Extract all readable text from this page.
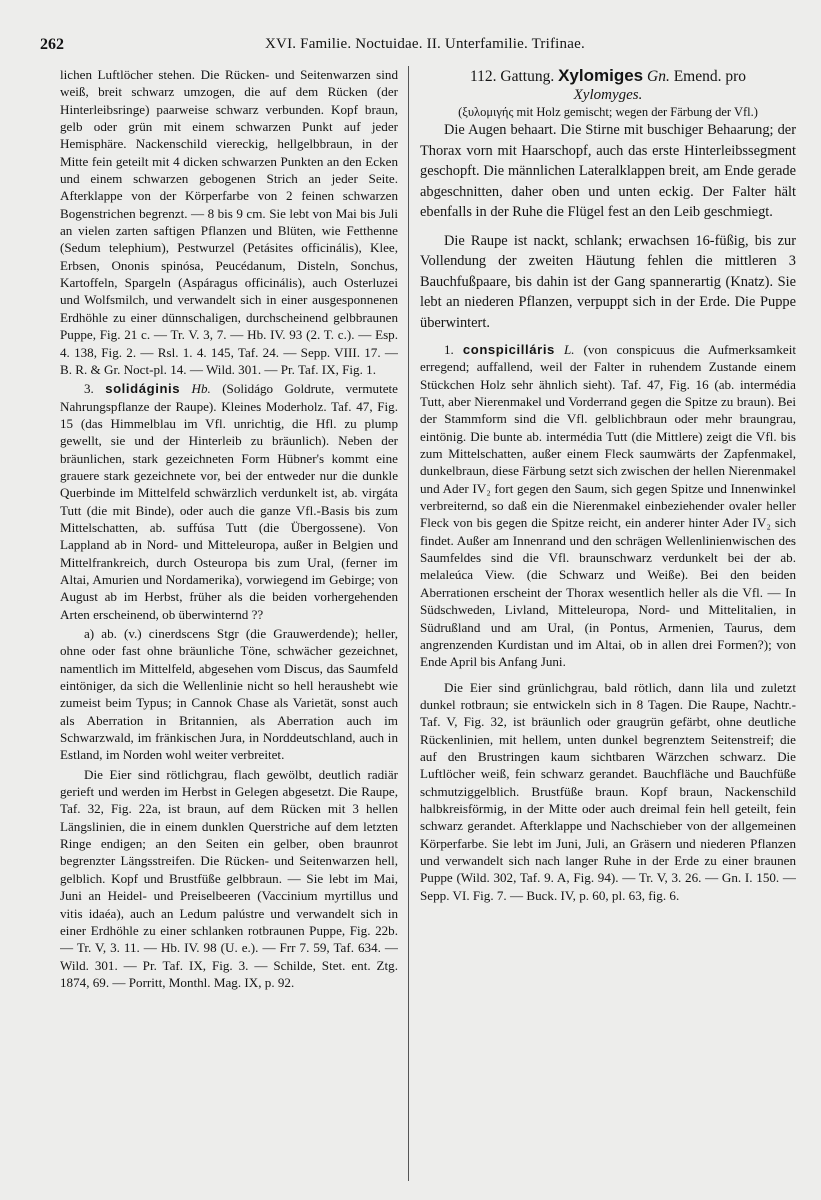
262	XVI. Familie. Noctuidae. II. Unterfamilie. Trifinae.

lichen Luftlöcher stehen. Die Rücken- und Seitenwarzen sind weiß, breit schwarz umzogen, die auf dem Rücken (der Hinterleibsringe) paarweise schwarz verbunden. Kopf braun, gelb oder grün mit einem schwarzen Punkt auf jeder Hemisphäre. Nackenschild viereckig, hellgelbbraun, in der Mitte fein geteilt mit 4 dicken schwarzen Punkten an den Ecken und einem schwarzen gebogenen Strich an jeder Seite. Afterklappe von der Körperfarbe von 2 feinen schwarzen Bogenstrichen begrenzt. — 8 bis 9 cm. Sie lebt von Mai bis Juli an vielen zarten saftigen Pflanzen und Blüten, wie Fetthenne (Sedum telephium), Pestwurzel (Petásites officinális), Klee, Erbsen, Ononis spinósa, Peucédanum, Disteln, Sonchus, Kartoffeln, Spargeln (Aspáragus officinális), auch Osterluzei und Wolfsmilch, und verwandelt sich in einer ausgesponnenen Erdhöhle zu einer dünnschaligen, durchscheinend gelbbraunen Puppe, Fig. 21 c. — Tr. V. 3, 7. — Hb. IV. 93 (2. T. c.). — Esp. 4. 138, Fig. 2. — Rsl. 1. 4. 145, Taf. 24. — Sepp. VIII. 17. — B. R. & Gr. Noct-pl. 14. — Wild. 301. — Pr. Taf. IX, Fig. 1.

3. solidáginis Hb. (Solidágo Goldrute, vermutete Nahrungspflanze der Raupe). Kleines Moderholz. Taf. 47, Fig. 15 (das Himmelblau im Vfl. unrichtig, die Hfl. zu plump gewellt, sie und der Hinterleib zu bräunlich). Neben der bräunlichen, stark gezeichneten Form Hübner's kommt eine grauere stark gezeichnete vor, bei der entweder nur die dunkle Querbinde im Mittelfeld schwärzlich verdunkelt ist, ab. virgáta Tutt (die mit Binde), oder auch die ganze Vfl.-Basis bis zum Mittelschatten, ab. suffúsa Tutt (die Übergossene). Von Lappland ab in Nord- und Mitteleuropa, außer in Belgien und Mittelfrankreich, durch Osteuropa bis zum Ural, (ferner im Altai, Amurien und Nordamerika), vorwiegend im Gebirge; von August ab im Herbst, früher als die beiden vorhergehenden Arten erscheinend, ob überwinternd ??

a) ab. (v.) cinerdscens Stgr (die Grauwerdende); heller, ohne oder fast ohne bräunliche Töne, schwächer gezeichnet, namentlich im Mittelfeld, abgesehen vom Discus, das Saumfeld eintöniger, da sich die Wellenlinie nicht so hell heraushebt wie zumeist beim Typus; in Cannok Chase als Varietät, sonst auch als Aberration in Britannien, als Aberration auch im Schwarzwald, im fränkischen Jura, in Norddeutschland, auch in Estland, im Norden wohl weiter verbreitet.

Die Eier sind rötlichgrau, flach gewölbt, deutlich radiär gerieft und werden im Herbst in Gelegen abgesetzt. Die Raupe, Taf. 32, Fig. 22a, ist braun, auf dem Rücken mit 3 hellen Längslinien, die in einem dunklen Querstriche auf dem letzten Ringe endigen; an den Seiten ein gelber, oben braunrot begrenzter Längsstreifen. Die Rücken- und Seitenwarzen hell, gelblich. Kopf und Brustfüße gelbbraun. — Sie lebt im Mai, Juni an Heidel- und Preiselbeeren (Vaccinium myrtillus und vitis idaéa), auch an Ledum palústre und verwandelt sich in einer Erdhöhle zu einer schlanken rotbraunen Puppe, Fig. 22b. — Tr. V, 3. 11. — Hb. IV. 98 (U. e.). — Frr 7. 59, Taf. 634. — Wild. 301. — Pr. Taf. IX, Fig. 3. — Schilde, Stet. ent. Ztg. 1874, 69. — Porritt, Monthl. Mag. IX, p. 92.

112. Gattung. Xylomiges Gn. Emend. pro

Xylomyges.

(ξυλομιγής mit Holz gemischt; wegen der Färbung der Vfl.)

Die Augen behaart. Die Stirne mit buschiger Behaarung; der Thorax vorn mit Haarschopf, auch das erste Hinterleibssegment geschopft. Die männlichen Lateralklappen breit, am Ende gerade abgeschnitten, daher oben und unten eckig. Der Falter hält ebenfalls in der Ruhe die Flügel fest an den Leib geschmiegt.

Die Raupe ist nackt, schlank; erwachsen 16-füßig, bis zur Vollendung der zweiten Häutung fehlen die mittleren 3 Bauchfußpaare, bis dahin ist der Gang spannerartig (Knatz). Sie lebt an niederen Pflanzen, verpuppt sich in der Erde. Die Puppe überwintert.

1. conspicilláris L. (von conspicuus die Aufmerksamkeit erregend; auffallend, weil der Falter in ruhendem Zustande einem Stückchen Holz sehr ähnlich sieht). Taf. 47, Fig. 16 (ab. intermédia Tutt, aber Nierenmakel und Vorderrand gegen die Spitze zu braun). Bei der Stammform sind die Vfl. gelblichbraun oder mehr braungrau, eintönig. Die bunte ab. intermédia Tutt (die Mittlere) zeigt die Vfl. bis zum Mittelschatten, außer einem Fleck saumwärts der Zapfenmakel, dunkelbraun, diese Färbung setzt sich zwischen der hellen Nierenmakel und Ader IV₂ fort gegen den Saum, sich gegen Spitze und Innenwinkel verbreiternd, so daß ein die Nierenmakel einbeziehender ovaler heller Fleck von bis gegen die Spitze reicht, ein anderer hinter Ader IV₂ sich findet. Außer am Innenrand und den schrägen Wellenlinienwischen des Saumfeldes sind die Vfl. braunschwarz verdunkelt bei der ab. melaleúca View. (die Schwarz und Weiße). Bei den beiden Aberrationen erscheint der Thorax wesentlich heller als die Vfl. — In Südschweden, Livland, Mitteleuropa, Nord- und Mittelitalien, in Südrußland und am Ural, (in Pontus, Armenien, Taurus, dem angrenzenden Kurdistan und im Altai, ob in allen drei Formen?); von Ende April bis Anfang Juni.

Die Eier sind grünlichgrau, bald rötlich, dann lila und zuletzt dunkel rotbraun; sie entwickeln sich in 8 Tagen. Die Raupe, Nachtr.-Taf. V, Fig. 32, ist bräunlich oder graugrün gefärbt, ohne deutliche Rückenlinien, mit hellem, unten dunkel begrenztem Seitenstreif; die auf den Brustringen kaum sichtbaren Wärzchen schwarz. Die Luftlöcher weiß, fein schwarz gerandet. Bauchfläche und Bauchfüße schmutziggelblich. Brustfüße braun. Kopf braun, Nackenschild halbkreisförmig, in der Mitte oder auch dreimal fein hell geteilt, fein schwarz gerandet. Afterklappe und Nachschieber von der allgemeinen Körperfarbe. Sie lebt im Juni, Juli, an Gräsern und niederen Pflanzen und verwandelt sich nach langer Ruhe in der Erde zu einer braunen Puppe (Wild. 302, Taf. 9. A, Fig. 94). — Tr. V, 3. 26. — Gn. I. 150. — Sepp. VI. Fig. 7. — Buck. IV, p. 60, pl. 63, fig. 6.
